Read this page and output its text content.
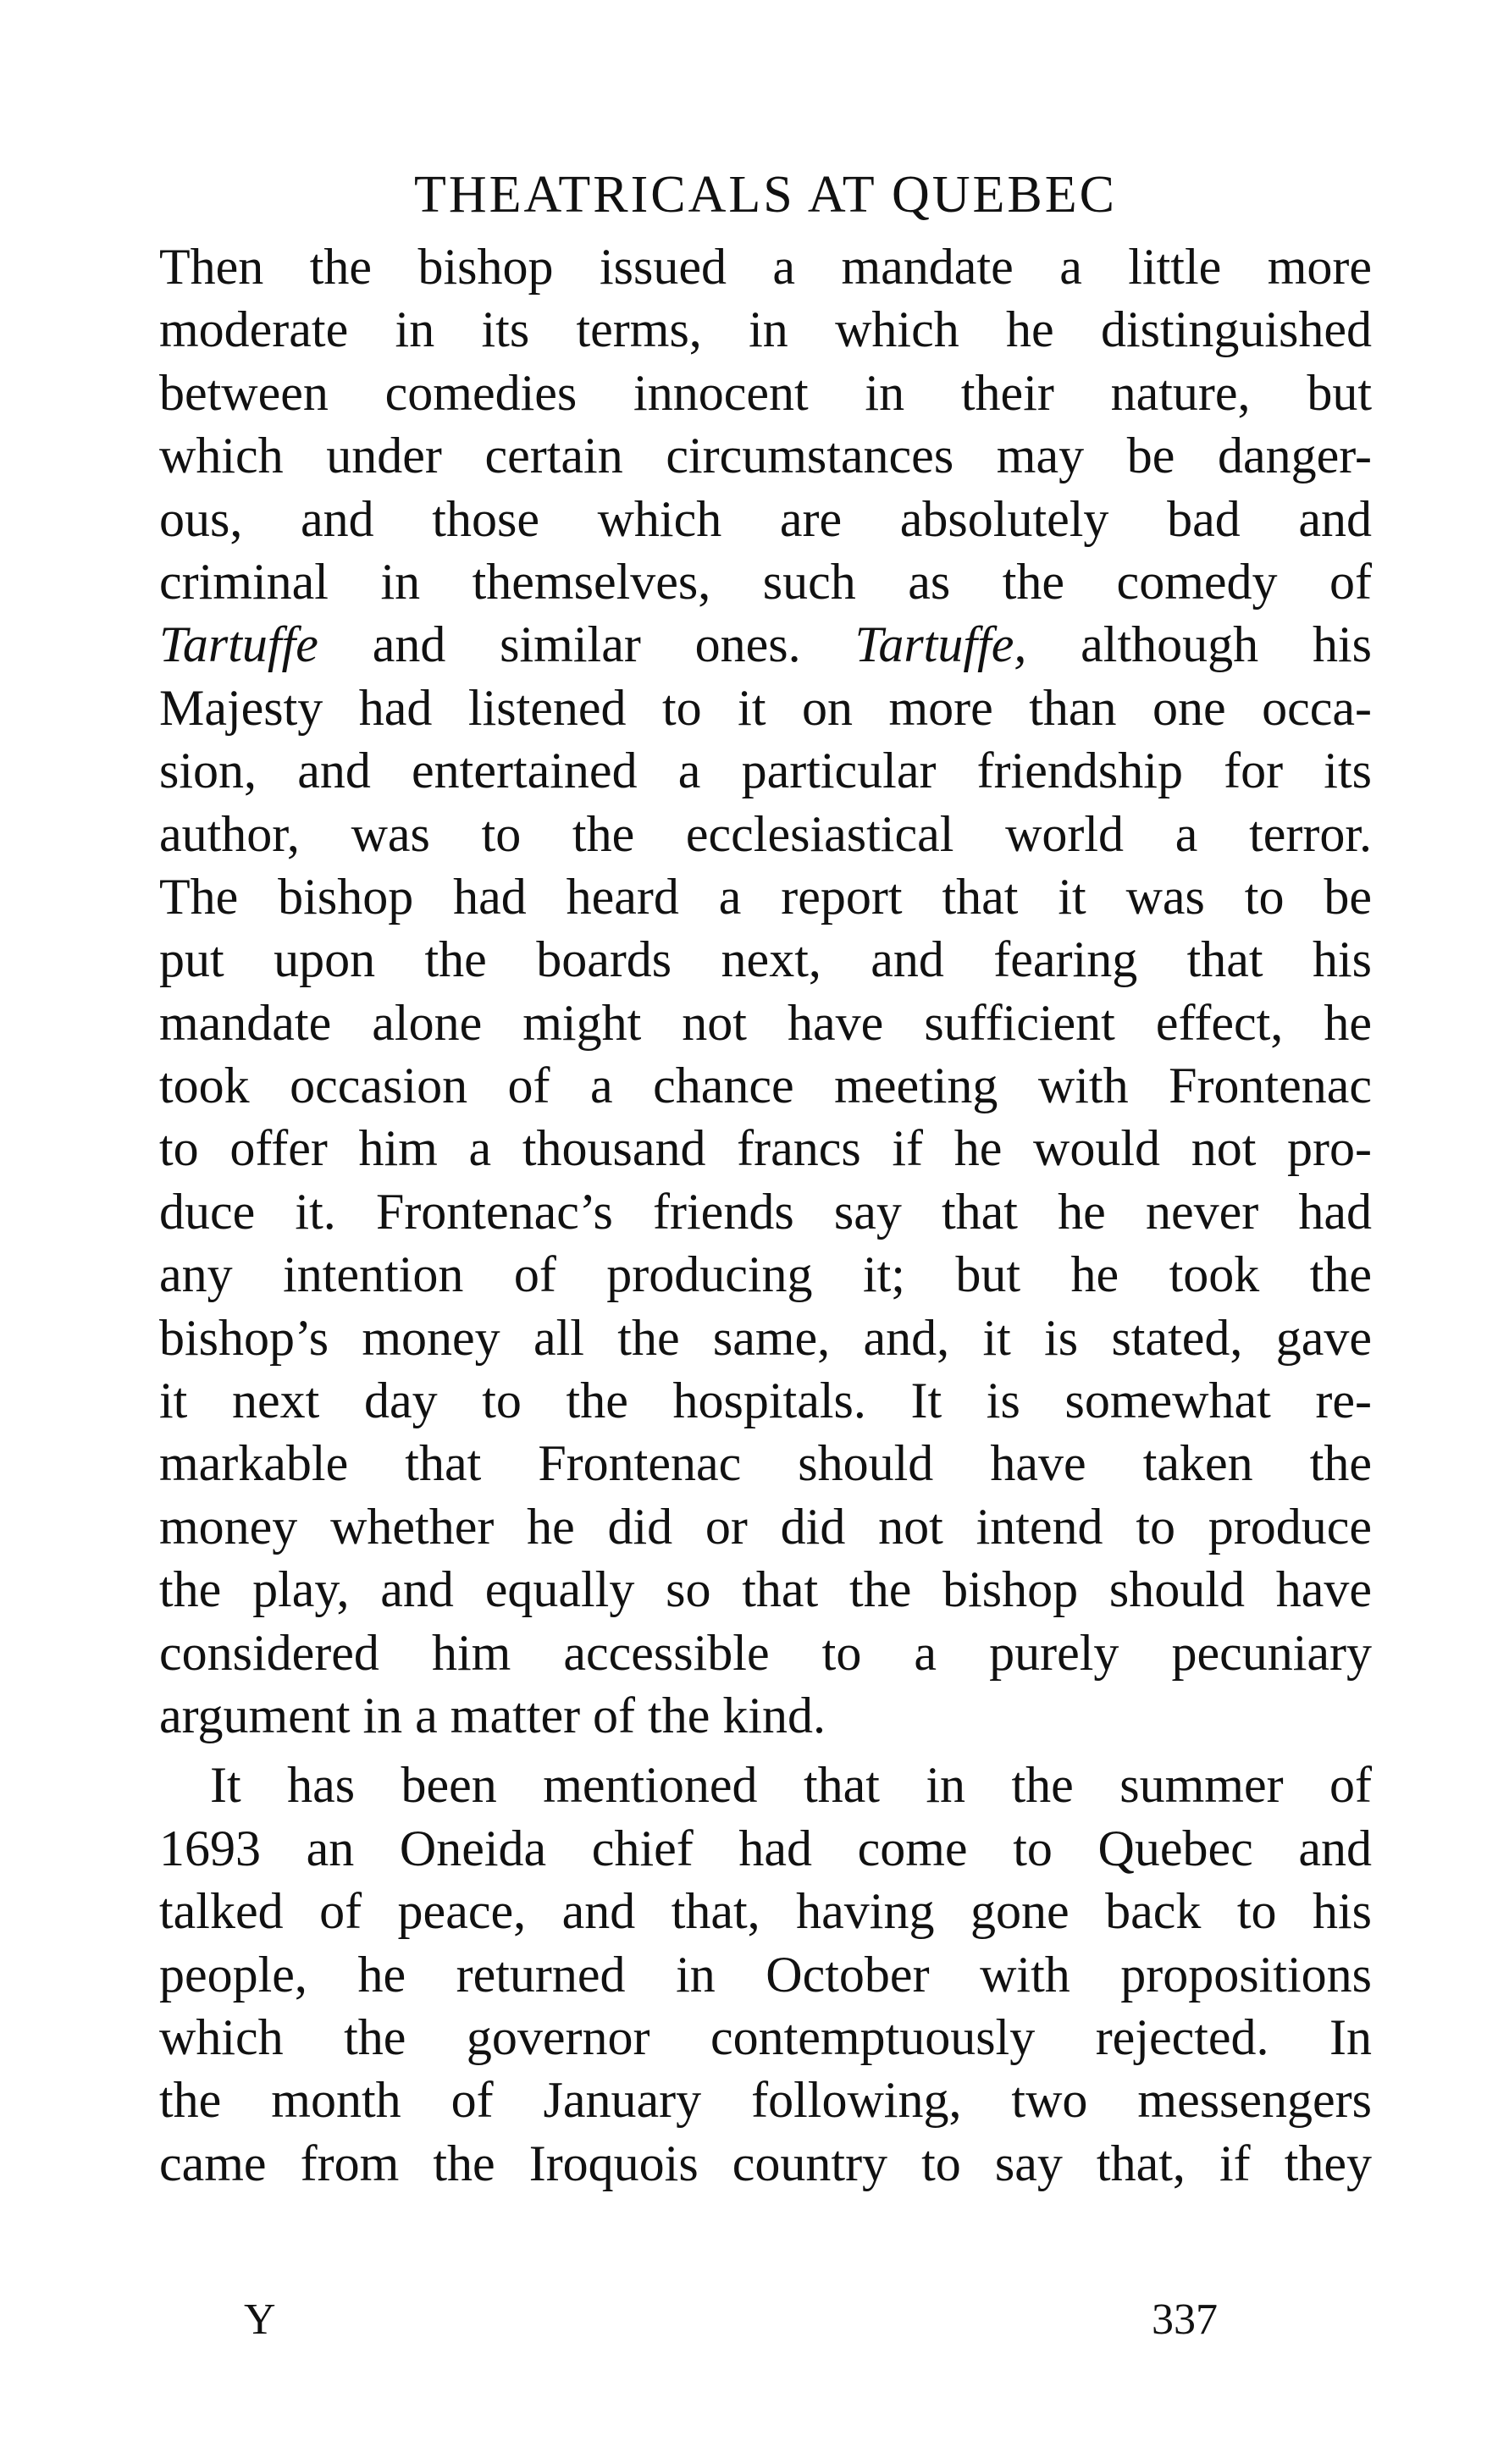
THEATRICALS AT QUEBEC
Then the bishop issued a mandate a little more
moderate in its terms, in which he distinguished
between comedies innocent in their nature, but
which under certain circumstances may be danger-
ous, and those which are absolutely bad and
criminal in themselves, such as the comedy of
Tartuffe and similar ones. Tartuffe, although his
Majesty had listened to it on more than one occa-
sion, and entertained a particular friendship for its
author, was to the ecclesiastical world a terror.
The bishop had heard a report that it was to be
put upon the boards next, and fearing that his
mandate alone might not have sufficient effect, he
took occasion of a chance meeting with Frontenac
to offer him a thousand francs if he would not pro-
duce it. Frontenac’s friends say that he never had
any intention of producing it; but he took the
bishop’s money all the same, and, it is stated, gave
it next day to the hospitals. It is somewhat re-
markable that Frontenac should have taken the
money whether he did or did not intend to produce
the play, and equally so that the bishop should have
considered him accessible to a purely pecuniary
argument in a matter of the kind.
It has been mentioned that in the summer of
1693 an Oneida chief had come to Quebec and
talked of peace, and that, having gone back to his
people, he returned in October with propositions
which the governor contemptuously rejected. In
the month of January following, two messengers
came from the Iroquois country to say that, if they
Y	337
